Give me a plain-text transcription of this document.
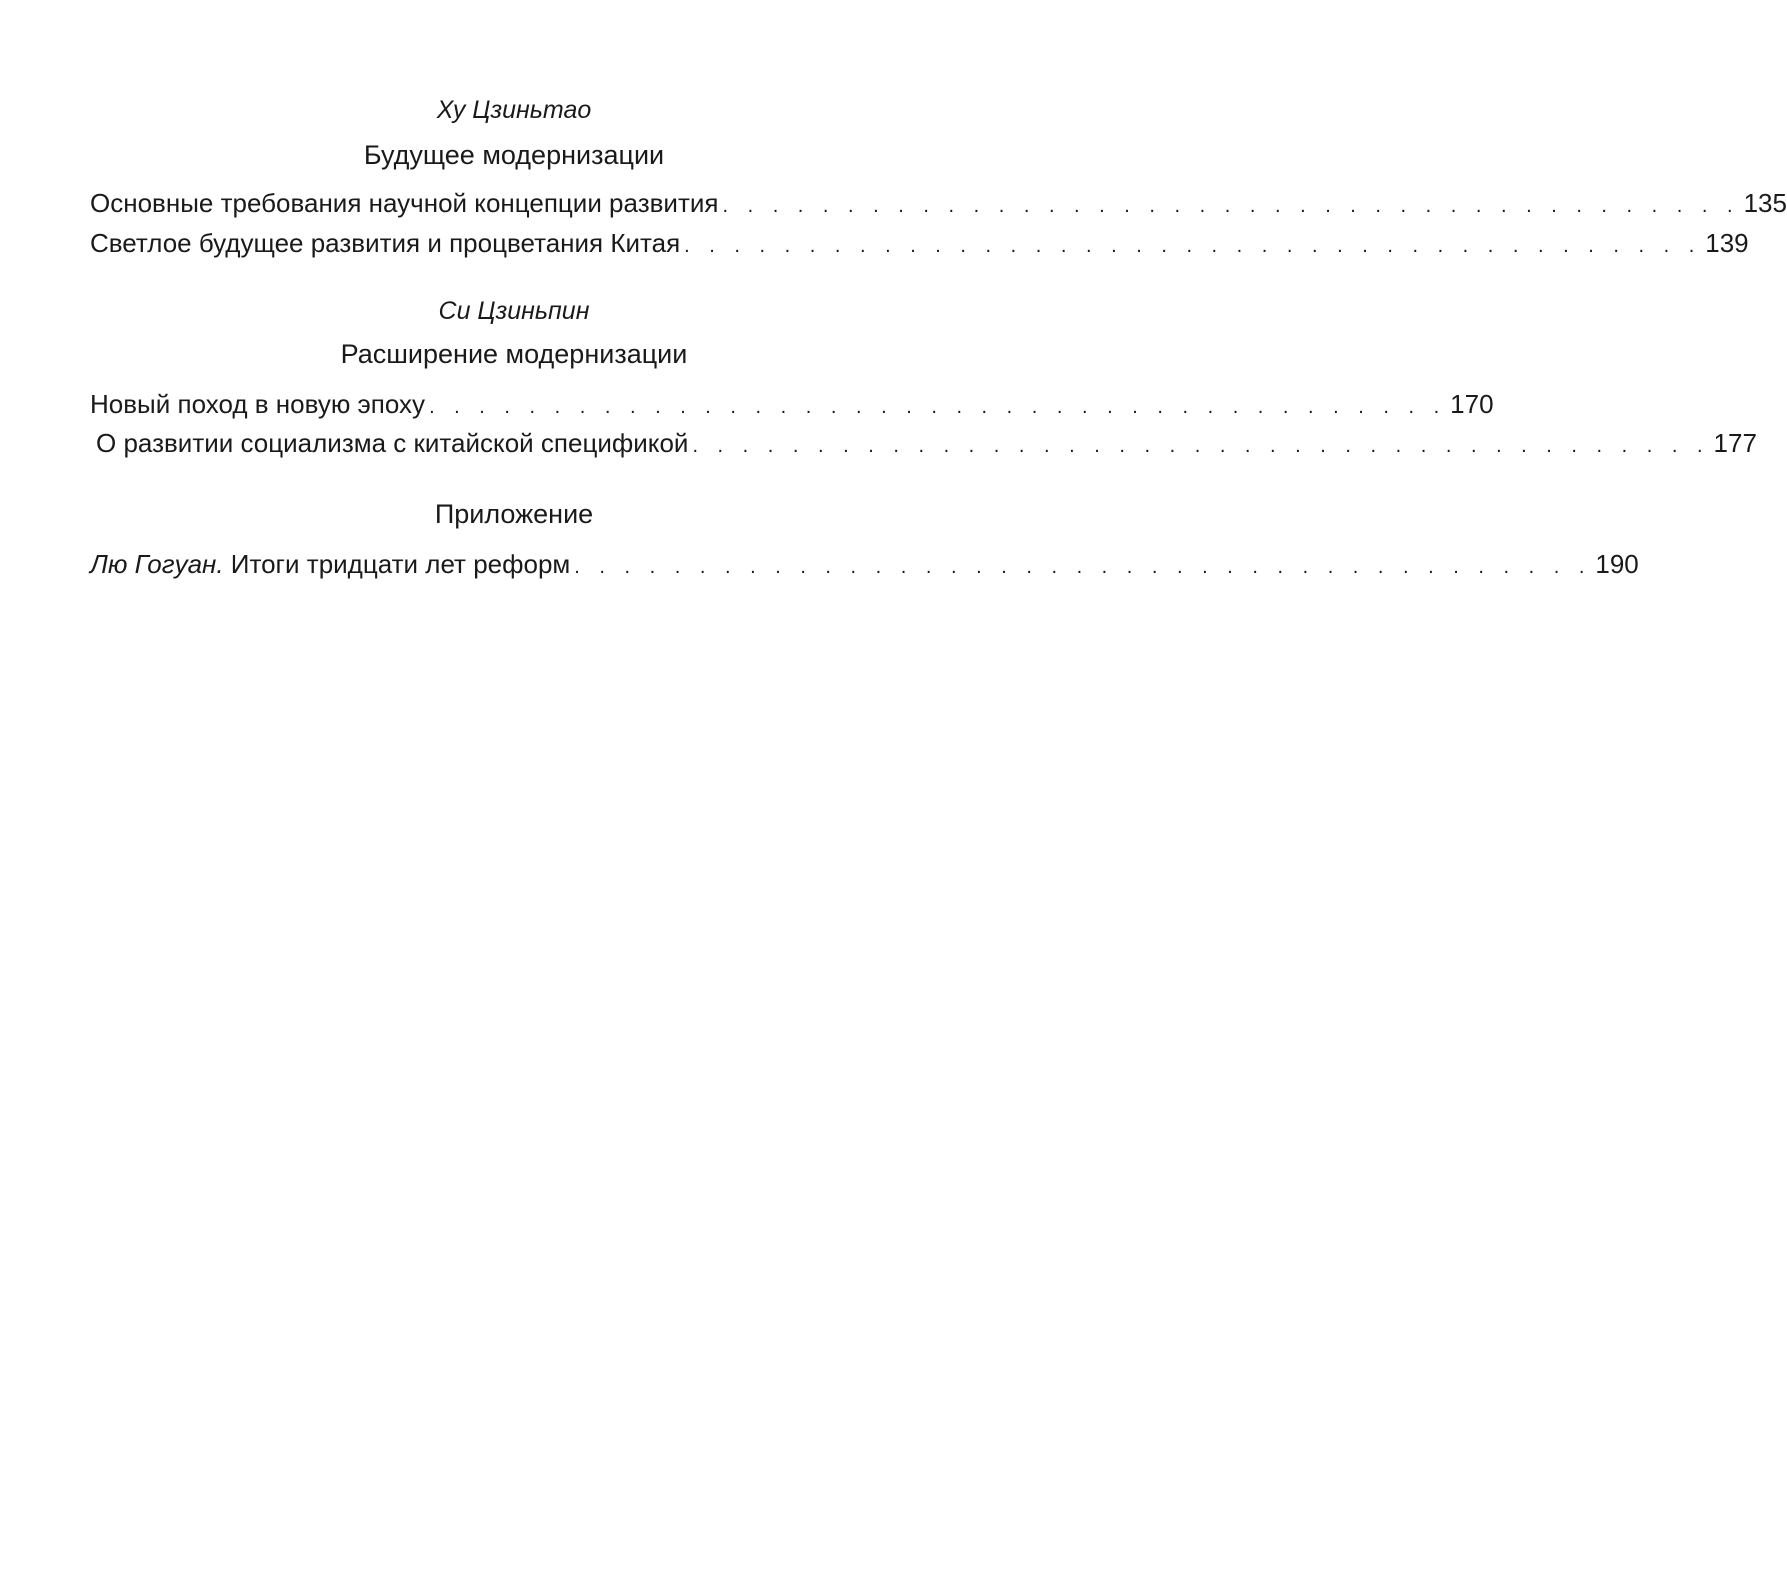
Ху Цзиньтао
Будущее модернизации
Основные требования научной концепции развития . . . . . . . . . . . . . . . . . . . . . . . . . . . . . . . . . . . . . . . . . 135
Светлое будущее развития и процветания Китая . . . . . . . . . . . . . . . . . . . . . . . . . . . . . . . . . . . . . . . . . 139
Си Цзиньпин
Расширение модернизации
Новый поход в новую эпоху . . . . . . . . . . . . . . . . . . . . . . . . . . . . . . . . . . . . . . . . . 170
О развитии социализма с китайской спецификой . . . . . . . . . . . . . . . . . . . . . . . . . . . . . . . . . . . . . . . . . 177
Приложение
Лю Гогуан. Итоги тридцати лет реформ . . . . . . . . . . . . . . . . . . . . . . . . . . . . . . . . . . . . . . . . . 190
